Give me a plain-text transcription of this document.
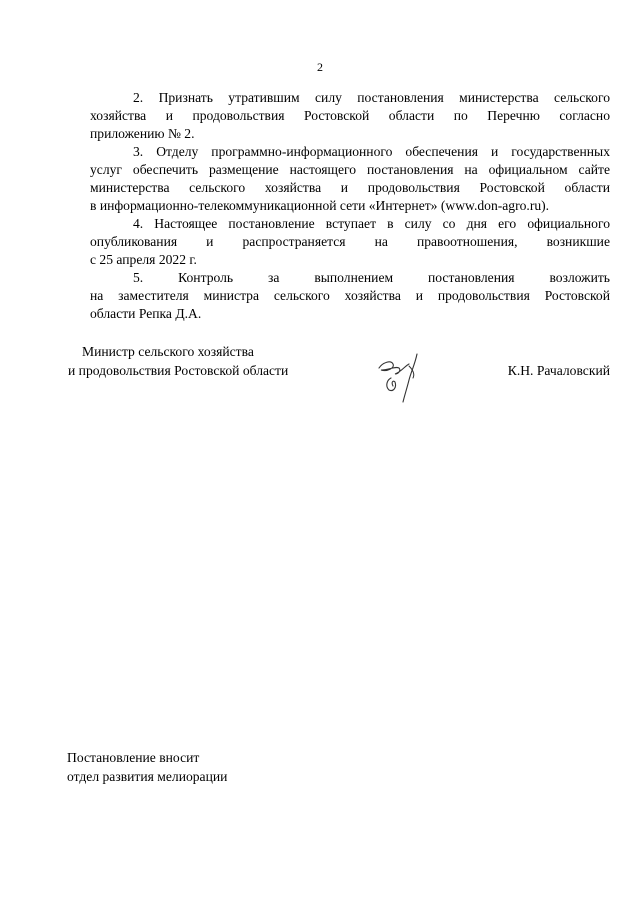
2
2. Признать утратившим силу постановления министерства сельского
хозяйства и продовольствия Ростовской области по Перечню согласно
приложению № 2.
3. Отделу программно-информационного обеспечения и государственных
услуг обеспечить размещение настоящего постановления на официальном сайте
министерства сельского хозяйства и продовольствия Ростовской области
в информационно-телекоммуникационной сети «Интернет» (www.don-agro.ru).
4. Настоящее постановление вступает в силу со дня его официального
опубликования и распространяется на правоотношения, возникшие
с 25 апреля 2022 г.
5. Контроль за выполнением постановления возложить
на заместителя министра сельского хозяйства и продовольствия Ростовской
области Репка Д.А.
Министр сельского хозяйства
и продовольствия Ростовской области	К.Н. Рачаловский
Постановление вносит
отдел развития мелиорации
